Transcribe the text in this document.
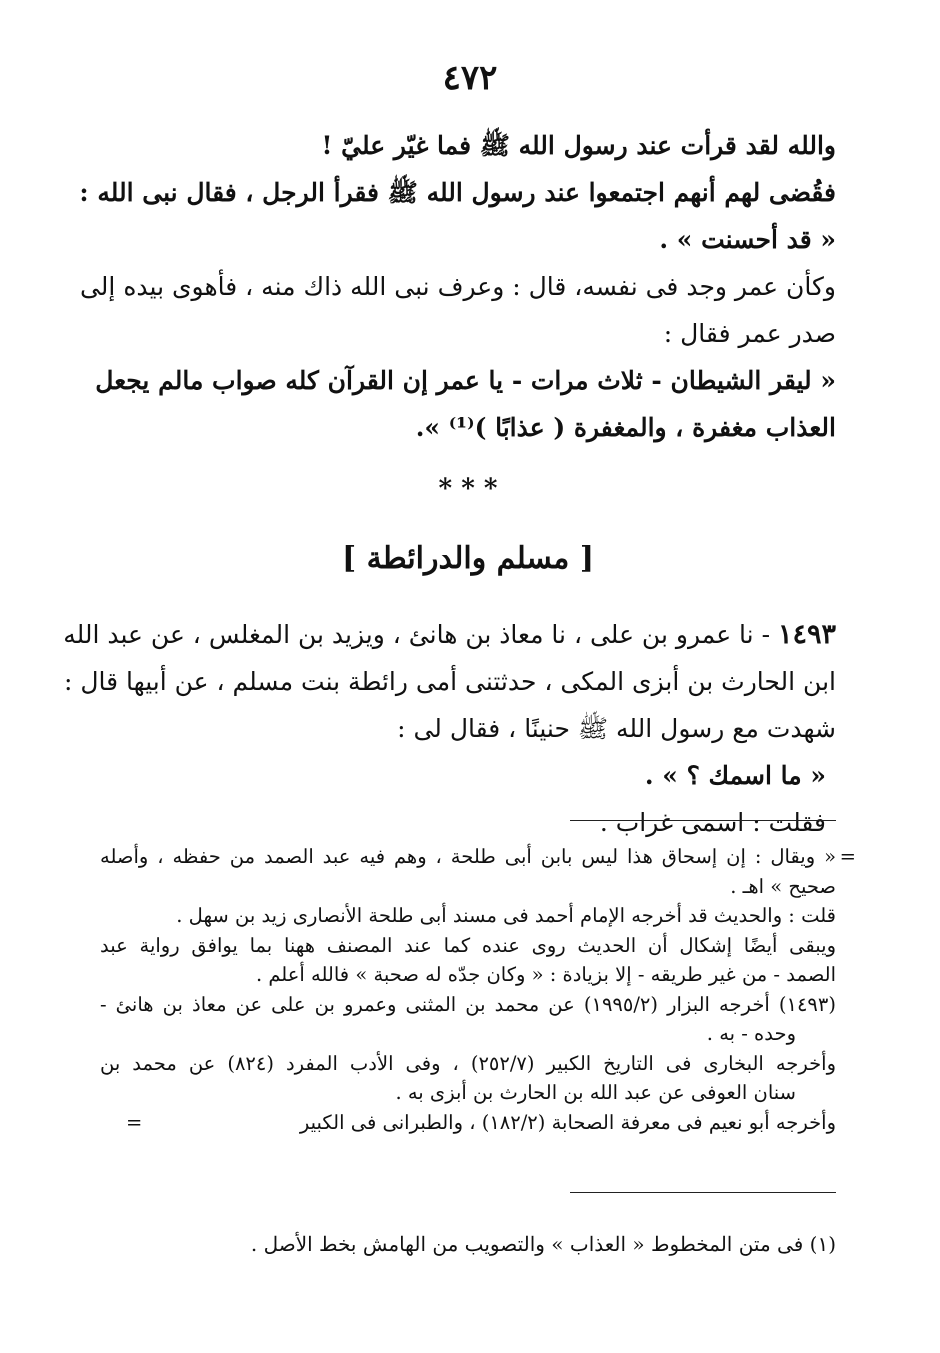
٤٧٢
والله لقد قرأت عند رسول الله ﷺ فما غيّر عليّ !
فقُضى لهم أنهم اجتمعوا عند رسول الله ﷺ فقرأ الرجل ، فقال نبى الله :
« قد أحسنت » .
وكأن عمر وجد فى نفسه، قال : وعرف نبى الله ذاك منه ، فأهوى بيده إلى
صدر عمر فقال :
« ليقر الشيطان - ثلاث مرات - يا عمر إن القرآن كله صواب مالم يجعل
العذاب مغفرة ، والمغفرة ( عذابًا )⁽¹⁾ ».
* * *
[ مسلم والدرائطة ]
١٤٩٣ - نا عمرو بن على ، نا معاذ بن هانئ ، ويزيد بن المغلس ، عن عبد الله
ابن الحارث بن أبزى المكى ، حدثتنى أمى رائطة بنت مسلم ، عن أبيها قال :
شهدت مع رسول الله ﷺ حنينًا ، فقال لى :
« ما اسمك ؟ » .
فقلت : اسمى غراب .
« ويقال : إن إسحاق هذا ليس بابن أبى طلحة ، وهم فيه عبد الصمد من حفظه ، وأصله =
صحيح » اهـ .
قلت : والحديث قد أخرجه الإمام أحمد فى مسند أبى طلحة الأنصارى زيد بن سهل .
ويبقى أيضًا إشكال أن الحديث روى عنده كما عند المصنف ههنا بما يوافق رواية عبد
الصمد - من غير طريقه - إلا بزيادة : « وكان جدّه له صحبة » فالله أعلم .
(١٤٩٣) أخرجه البزار (١٩٩٥/٢) عن محمد بن المثنى وعمرو بن على عن معاذ بن هانئ -
وحده - به .
وأخرجه البخارى فى التاريخ الكبير (٢٥٢/٧) ، وفى الأدب المفرد (٨٢٤) عن محمد بن
سنان العوفى عن عبد الله بن الحارث بن أبزى به .
وأخرجه أبو نعيم فى معرفة الصحابة (١٨٢/٢) ، والطبرانى فى الكبير
=
(١) فى متن المخطوط « العذاب » والتصويب من الهامش بخط الأصل .
